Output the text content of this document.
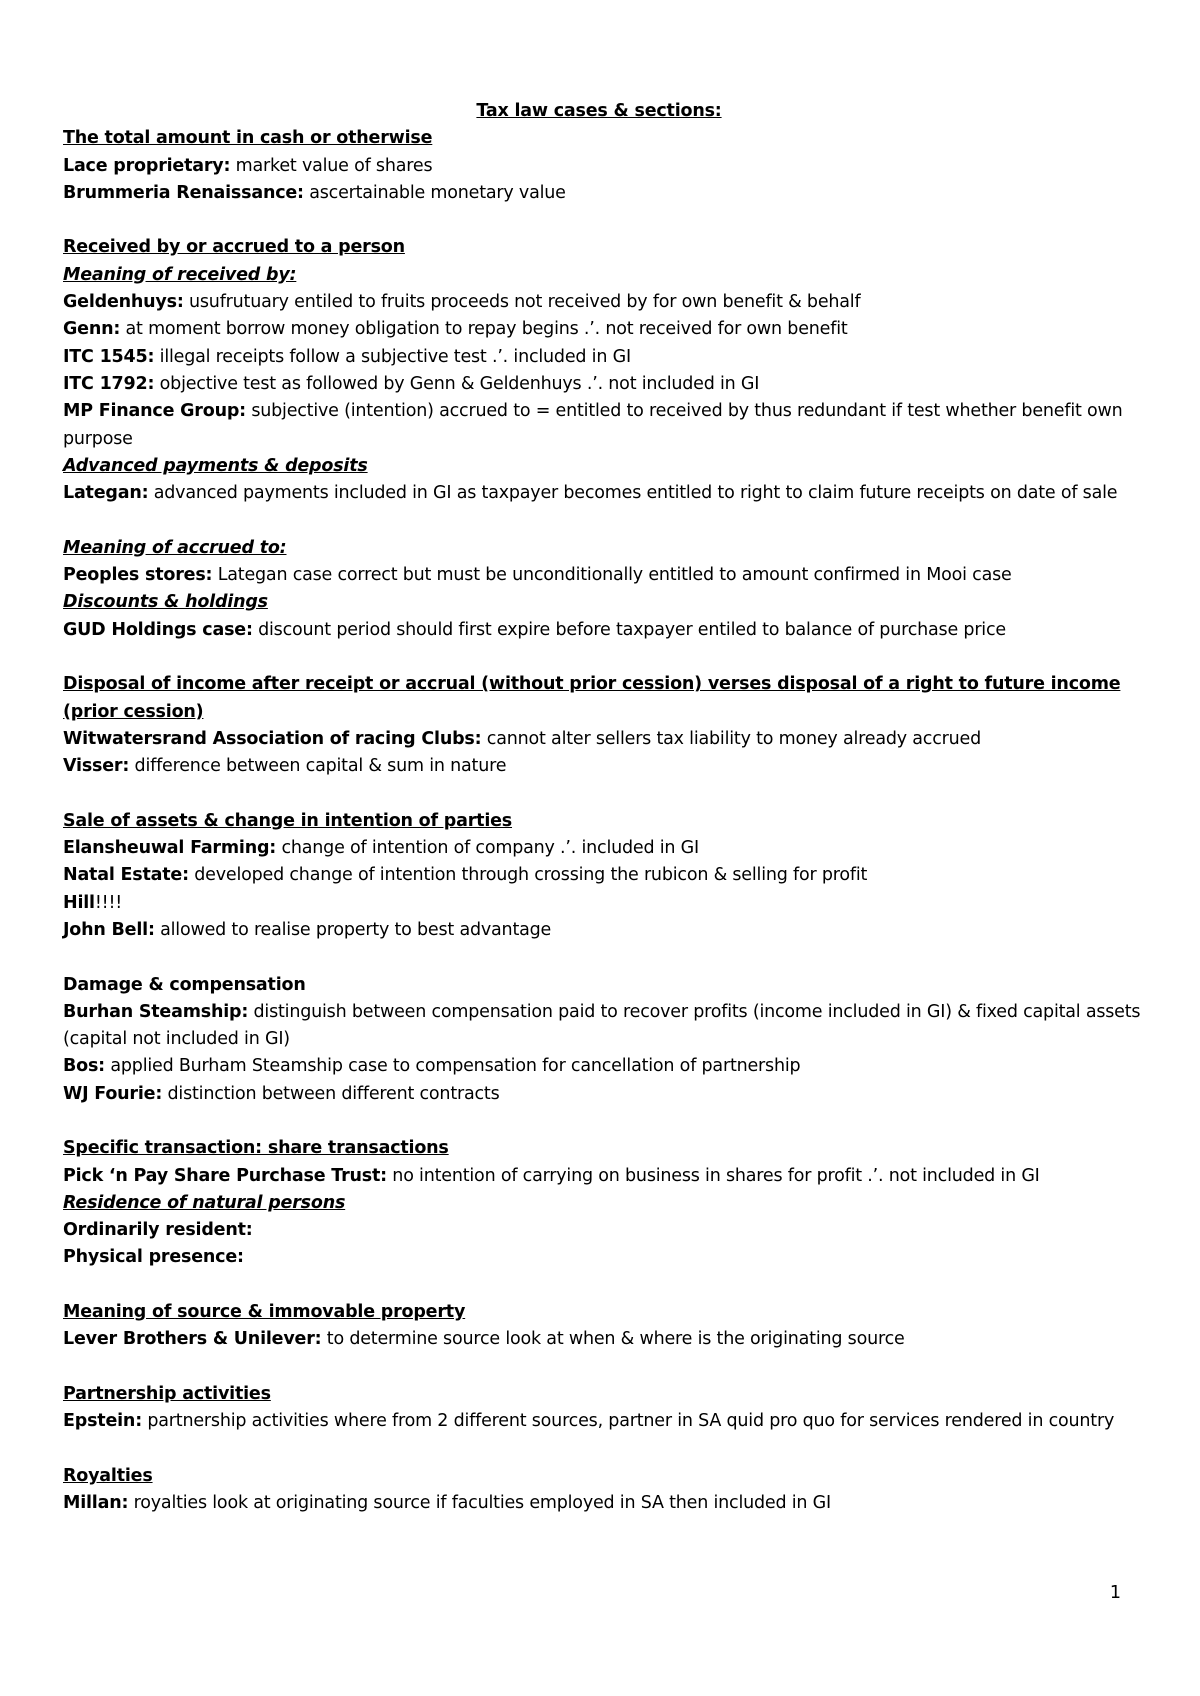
Tax law cases & sections:

The total amount in cash or otherwise

Lace proprietary: market value of shares

Brummeria Renaissance: ascertainable monetary value

Received by or accrued to a person

Meaning of received by:

Geldenhuys: usufrutuary entiled to fruits proceeds not received by for own benefit & behalf

Genn: at moment borrow money obligation to repay begins .’. not received for own benefit

ITC 1545: illegal receipts follow a subjective test .’. included in GI

ITC 1792: objective test as followed by Genn & Geldenhuys .’. not included in GI

MP Finance Group: subjective (intention) accrued to = entitled to received by thus redundant if test whether benefit own purpose

Advanced payments & deposits

Lategan: advanced payments included in GI as taxpayer becomes entitled to right to claim future receipts on date of sale

Meaning of accrued to:

Peoples stores: Lategan case correct but must be unconditionally entitled to amount confirmed in Mooi case

Discounts & holdings

GUD Holdings case: discount period should first expire before taxpayer entiled to balance of purchase price

Disposal of income after receipt or accrual (without prior cession) verses disposal of a right to future income (prior cession)

Witwatersrand Association of racing Clubs: cannot alter sellers tax liability to money already accrued

Visser: difference between capital & sum in nature

Sale of assets & change in intention of parties

Elansheuwal Farming: change of intention of company .’. included in GI

Natal Estate: developed change of intention through crossing the rubicon & selling for profit

Hill!!!!

John Bell: allowed to realise property to best advantage

Damage & compensation

Burhan Steamship: distinguish between compensation paid to recover profits (income included in GI) & fixed capital assets (capital not included in GI)

Bos: applied Burham Steamship case to compensation for cancellation of partnership

WJ Fourie: distinction between different contracts

Specific transaction: share transactions

Pick ‘n Pay Share Purchase Trust: no intention of carrying on business in shares for profit .’. not included in GI

Residence of natural persons

Ordinarily resident:

Physical presence:

Meaning of source & immovable property

Lever Brothers & Unilever: to determine source look at when & where is the originating source

Partnership activities

Epstein: partnership activities where from 2 different sources, partner in SA quid pro quo for services rendered in country

Royalties

Millan: royalties look at originating source if faculties employed in SA then included in GI

1
